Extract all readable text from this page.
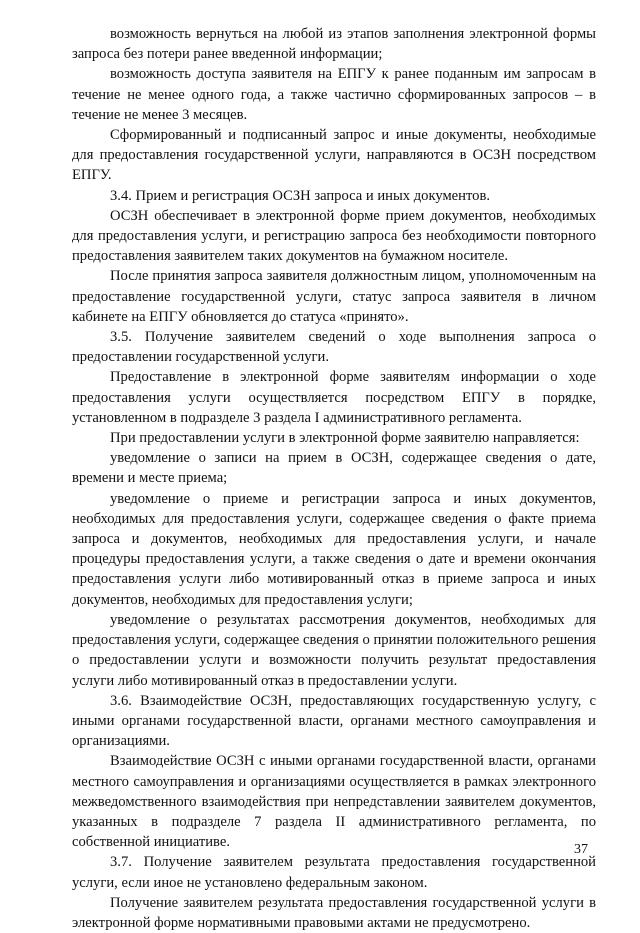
возможность вернуться на любой из этапов заполнения электронной формы запроса без потери ранее введенной информации;

возможность доступа заявителя на ЕПГУ к ранее поданным им запросам в течение не менее одного года, а также частично сформированных запросов – в течение не менее 3 месяцев.

Сформированный и подписанный запрос и иные документы, необходимые для предоставления государственной услуги, направляются в ОСЗН посредством ЕПГУ.

3.4. Прием и регистрация ОСЗН запроса и иных документов.

ОСЗН обеспечивает в электронной форме прием документов, необходимых для предоставления услуги, и регистрацию запроса без необходимости повторного предоставления заявителем таких документов на бумажном носителе.

После принятия запроса заявителя должностным лицом, уполномоченным на предоставление государственной услуги, статус запроса заявителя в личном кабинете на ЕПГУ обновляется до статуса «принято».

3.5. Получение заявителем сведений о ходе выполнения запроса о предоставлении государственной услуги.

Предоставление в электронной форме заявителям информации о ходе предоставления услуги осуществляется посредством ЕПГУ в порядке, установленном в подразделе 3 раздела I административного регламента.

При предоставлении услуги в электронной форме заявителю направляется:

уведомление о записи на прием в ОСЗН, содержащее сведения о дате, времени и месте приема;

уведомление о приеме и регистрации запроса и иных документов, необходимых для предоставления услуги, содержащее сведения о факте приема запроса и документов, необходимых для предоставления услуги, и начале процедуры предоставления услуги, а также сведения о дате и времени окончания предоставления услуги либо мотивированный отказ в приеме запроса и иных документов, необходимых для предоставления услуги;

уведомление о результатах рассмотрения документов, необходимых для предоставления услуги, содержащее сведения о принятии положительного решения о предоставлении услуги и возможности получить результат предоставления услуги либо мотивированный отказ в предоставлении услуги.

3.6. Взаимодействие ОСЗН, предоставляющих государственную услугу, с иными органами государственной власти, органами местного самоуправления и организациями.

Взаимодействие ОСЗН с иными органами государственной власти, органами местного самоуправления и организациями осуществляется в рамках электронного межведомственного взаимодействия при непредставлении заявителем документов, указанных в подразделе 7 раздела II административного регламента, по собственной инициативе.

3.7. Получение заявителем результата предоставления государственной услуги, если иное не установлено федеральным законом.

Получение заявителем результата предоставления государственной услуги в электронной форме нормативными правовыми актами не предусмотрено.

37
